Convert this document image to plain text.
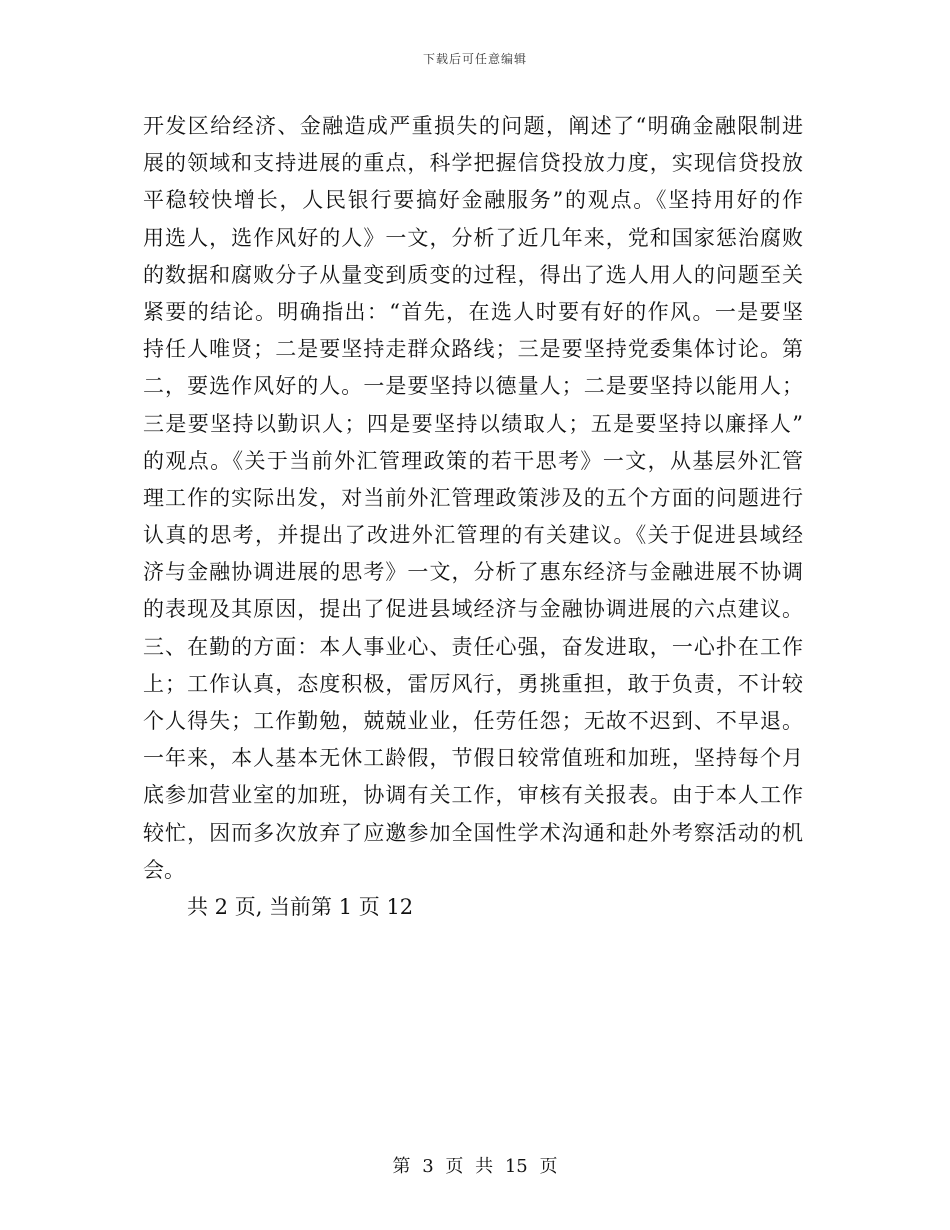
下载后可任意编辑
开发区给经济、金融造成严重损失的问题，阐述了“明确金融限制进
展的领域和支持进展的重点，科学把握信贷投放力度，实现信贷投放
平稳较快增长，人民银行要搞好金融服务”的观点。《坚持用好的作
用选人，选作风好的人》一文，分析了近几年来，党和国家惩治腐败
的数据和腐败分子从量变到质变的过程，得出了选人用人的问题至关
紧要的结论。明确指出：“首先，在选人时要有好的作风。一是要坚
持任人唯贤；二是要坚持走群众路线；三是要坚持党委集体讨论。第
二，要选作风好的人。一是要坚持以德量人；二是要坚持以能用人；
三是要坚持以勤识人；四是要坚持以绩取人；五是要坚持以廉择人”
的观点。《关于当前外汇管理政策的若干思考》一文，从基层外汇管
理工作的实际出发，对当前外汇管理政策涉及的五个方面的问题进行
认真的思考，并提出了改进外汇管理的有关建议。《关于促进县域经
济与金融协调进展的思考》一文，分析了惠东经济与金融进展不协调
的表现及其原因，提出了促进县域经济与金融协调进展的六点建议。
三、在勤的方面：本人事业心、责任心强，奋发进取，一心扑在工作
上；工作认真，态度积极，雷厉风行，勇挑重担，敢于负责，不计较
个人得失；工作勤勉，兢兢业业，任劳任怨；无故不迟到、不早退。
一年来，本人基本无休工龄假，节假日较常值班和加班，坚持每个月
底参加营业室的加班，协调有关工作，审核有关报表。由于本人工作
较忙，因而多次放弃了应邀参加全国性学术沟通和赴外考察活动的机
会。
共 2 页, 当前第 1 页 12
第 3 页 共 15 页
